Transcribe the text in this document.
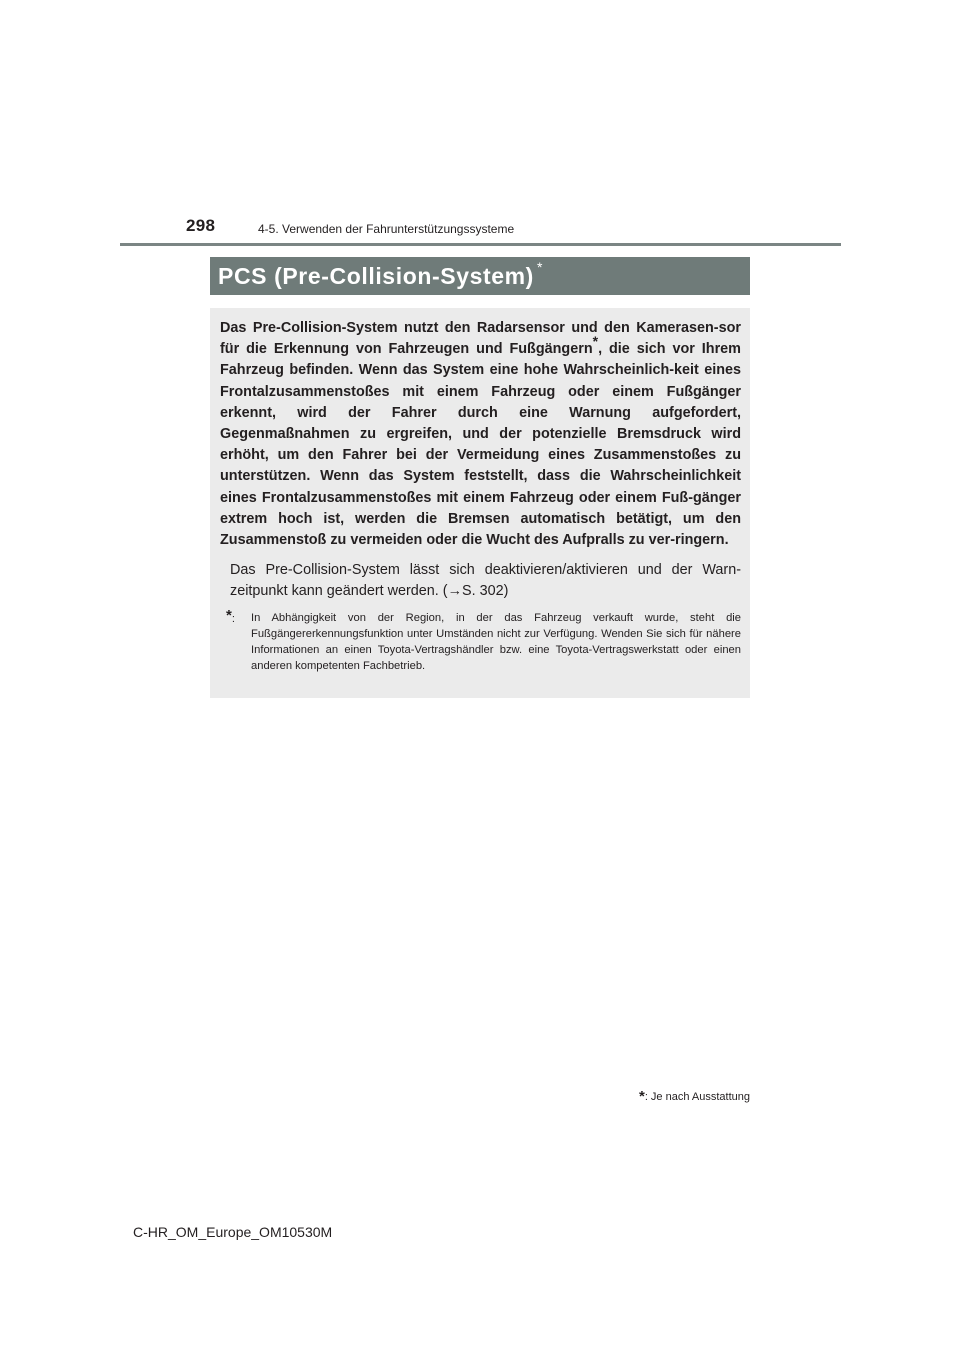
298	4-5. Verwenden der Fahrunterstützungssysteme
PCS (Pre-Collision-System) *

Das Pre-Collision-System nutzt den Radarsensor und den Kamerasen-sor für die Erkennung von Fahrzeugen und Fußgängern*, die sich vor Ihrem Fahrzeug befinden. Wenn das System eine hohe Wahrscheinlich-keit eines Frontalzusammenstoßes mit einem Fahrzeug oder einem Fußgänger erkennt, wird der Fahrer durch eine Warnung aufgefordert, Gegenmaßnahmen zu ergreifen, und der potenzielle Bremsdruck wird erhöht, um den Fahrer bei der Vermeidung eines Zusammenstoßes zu unterstützen. Wenn das System feststellt, dass die Wahrscheinlichkeit eines Frontalzusammenstoßes mit einem Fahrzeug oder einem Fuß-gänger extrem hoch ist, werden die Bremsen automatisch betätigt, um den Zusammenstoß zu vermeiden oder die Wucht des Aufpralls zu ver-ringern.

Das Pre-Collision-System lässt sich deaktivieren/aktivieren und der Warn-zeitpunkt kann geändert werden. (→S. 302)

*: In Abhängigkeit von der Region, in der das Fahrzeug verkauft wurde, steht die Fußgängererkennungsfunktion unter Umständen nicht zur Verfügung. Wenden Sie sich für nähere Informationen an einen Toyota-Vertragshändler bzw. eine Toyota-Vertragswerkstatt oder einen anderen kompetenten Fachbetrieb.
*: Je nach Ausstattung
C-HR_OM_Europe_OM10530M
